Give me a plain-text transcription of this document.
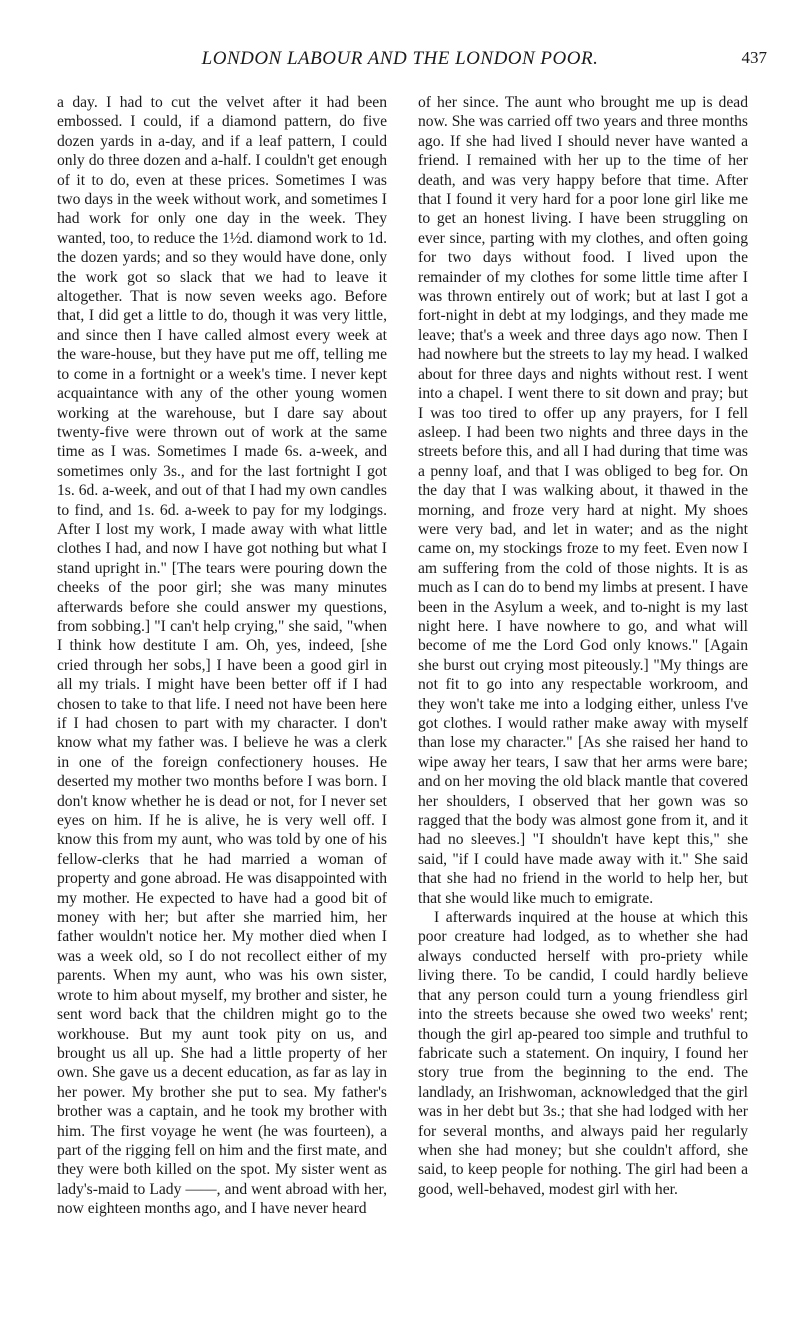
LONDON LABOUR AND THE LONDON POOR.	437

a day. I had to cut the velvet after it had been embossed. I could, if a diamond pattern, do five dozen yards in a-day, and if a leaf pattern, I could only do three dozen and a-half. I couldn't get enough of it to do, even at these prices. Sometimes I was two days in the week without work, and sometimes I had work for only one day in the week. They wanted, too, to reduce the 1½d. diamond work to 1d. the dozen yards; and so they would have done, only the work got so slack that we had to leave it altogether. That is now seven weeks ago. Before that, I did get a little to do, though it was very little, and since then I have called almost every week at the ware-house, but they have put me off, telling me to come in a fortnight or a week's time. I never kept acquaintance with any of the other young women working at the warehouse, but I dare say about twenty-five were thrown out of work at the same time as I was. Sometimes I made 6s. a-week, and sometimes only 3s., and for the last fortnight I got 1s. 6d. a-week, and out of that I had my own candles to find, and 1s. 6d. a-week to pay for my lodgings. After I lost my work, I made away with what little clothes I had, and now I have got nothing but what I stand upright in." [The tears were pouring down the cheeks of the poor girl; she was many minutes afterwards before she could answer my questions, from sobbing.] "I can't help crying," she said, "when I think how destitute I am. Oh, yes, indeed, [she cried through her sobs,] I have been a good girl in all my trials. I might have been better off if I had chosen to take to that life. I need not have been here if I had chosen to part with my character. I don't know what my father was. I believe he was a clerk in one of the foreign confectionery houses. He deserted my mother two months before I was born. I don't know whether he is dead or not, for I never set eyes on him. If he is alive, he is very well off. I know this from my aunt, who was told by one of his fellow-clerks that he had married a woman of property and gone abroad. He was disappointed with my mother. He expected to have had a good bit of money with her; but after she married him, her father wouldn't notice her. My mother died when I was a week old, so I do not recollect either of my parents. When my aunt, who was his own sister, wrote to him about myself, my brother and sister, he sent word back that the children might go to the workhouse. But my aunt took pity on us, and brought us all up. She had a little property of her own. She gave us a decent education, as far as lay in her power. My brother she put to sea. My father's brother was a captain, and he took my brother with him. The first voyage he went (he was fourteen), a part of the rigging fell on him and the first mate, and they were both killed on the spot. My sister went as lady's-maid to Lady ——, and went abroad with her, now eighteen months ago, and I have never heard

of her since. The aunt who brought me up is dead now. She was carried off two years and three months ago. If she had lived I should never have wanted a friend. I remained with her up to the time of her death, and was very happy before that time. After that I found it very hard for a poor lone girl like me to get an honest living. I have been struggling on ever since, parting with my clothes, and often going for two days without food. I lived upon the remainder of my clothes for some little time after I was thrown entirely out of work; but at last I got a fort-night in debt at my lodgings, and they made me leave; that's a week and three days ago now. Then I had nowhere but the streets to lay my head. I walked about for three days and nights without rest. I went into a chapel. I went there to sit down and pray; but I was too tired to offer up any prayers, for I fell asleep. I had been two nights and three days in the streets before this, and all I had during that time was a penny loaf, and that I was obliged to beg for. On the day that I was walking about, it thawed in the morning, and froze very hard at night. My shoes were very bad, and let in water; and as the night came on, my stockings froze to my feet. Even now I am suffering from the cold of those nights. It is as much as I can do to bend my limbs at present. I have been in the Asylum a week, and to-night is my last night here. I have nowhere to go, and what will become of me the Lord God only knows." [Again she burst out crying most piteously.] "My things are not fit to go into any respectable workroom, and they won't take me into a lodging either, unless I've got clothes. I would rather make away with myself than lose my character." [As she raised her hand to wipe away her tears, I saw that her arms were bare; and on her moving the old black mantle that covered her shoulders, I observed that her gown was so ragged that the body was almost gone from it, and it had no sleeves.] "I shouldn't have kept this," she said, "if I could have made away with it." She said that she had no friend in the world to help her, but that she would like much to emigrate.

I afterwards inquired at the house at which this poor creature had lodged, as to whether she had always conducted herself with pro-priety while living there. To be candid, I could hardly believe that any person could turn a young friendless girl into the streets because she owed two weeks' rent; though the girl ap-peared too simple and truthful to fabricate such a statement. On inquiry, I found her story true from the beginning to the end. The landlady, an Irishwoman, acknowledged that the girl was in her debt but 3s.; that she had lodged with her for several months, and always paid her regularly when she had money; but she couldn't afford, she said, to keep people for nothing. The girl had been a good, well-behaved, modest girl with her.
